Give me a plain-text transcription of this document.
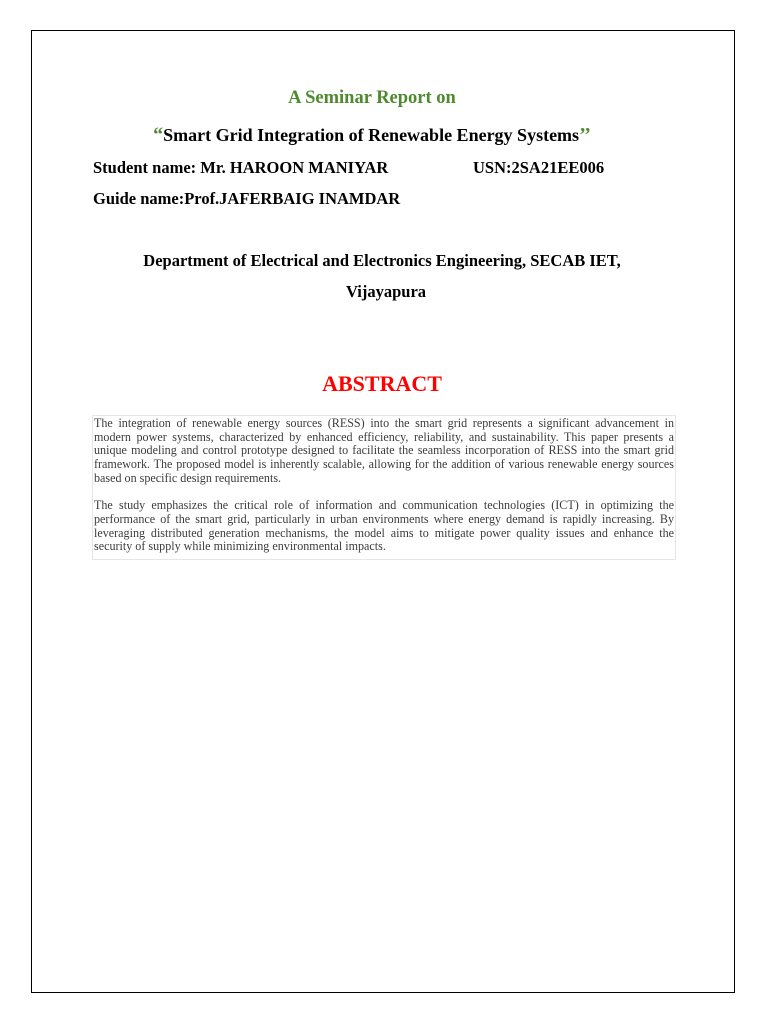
A Seminar Report on
“Smart Grid Integration of Renewable Energy Systems’’
Student name: Mr. HAROON MANIYAR	USN:2SA21EE006
Guide name:Prof.JAFERBAIG INAMDAR
Department of Electrical and Electronics Engineering, SECAB IET,
Vijayapura
ABSTRACT

The integration of renewable energy sources (RESS) into the smart grid represents a significant advancement in modern power systems, characterized by enhanced efficiency, reliability, and sustainability. This paper presents a unique modeling and control prototype designed to facilitate the seamless incorporation of RESS into the smart grid framework. The proposed model is inherently scalable, allowing for the addition of various renewable energy sources based on specific design requirements.

The study emphasizes the critical role of information and communication technologies (ICT) in optimizing the performance of the smart grid, particularly in urban environments where energy demand is rapidly increasing. By leveraging distributed generation mechanisms, the model aims to mitigate power quality issues and enhance the security of supply while minimizing environmental impacts.
